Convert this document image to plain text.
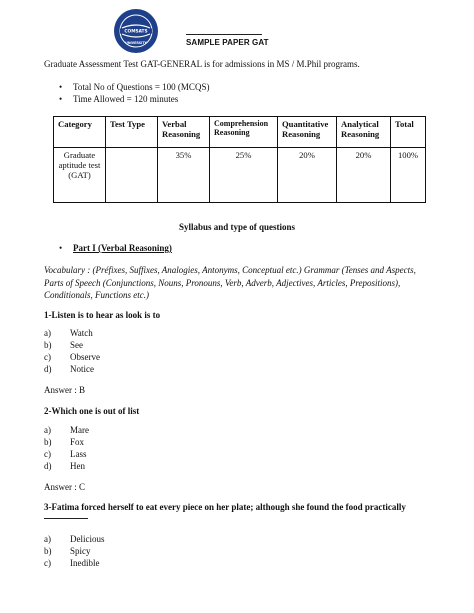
COMSATS
UNIVERSITY	SAMPLE PAPER GAT
Graduate Assessment Test GAT-GENERAL is for admissions in MS / M.Phil programs.
• Total No of Questions = 100 (MCQS)
• Time Allowed = 120 minutes
Category	Test Type	Verbal Reasoning	Comprehension Reasoning	Quantitative Reasoning	Analytical Reasoning	Total
Graduate aptitude test (GAT)		35%	25%	20%	20%	100%
Syllabus and type of questions
• Part I (Verbal Reasoning)
Vocabulary : (Préfixes, Suffixes, Analogies, Antonyms, Conceptual etc.) Grammar (Tenses and Aspects, Parts of Speech (Conjunctions, Nouns, Pronouns, Verb, Adverb, Adjectives, Articles, Prepositions), Conditionals, Functions etc.)
1-Listen is to hear as look is to
a) Watch
b) See
c) Observe
d) Notice
Answer : B
2-Which one is out of list
a) Mare
b) Fox
c) Lass
d) Hen
Answer : C
3-Fatima forced herself to eat every piece on her plate; although she found the food practically
a) Delicious
b) Spicy
c) Inedible
